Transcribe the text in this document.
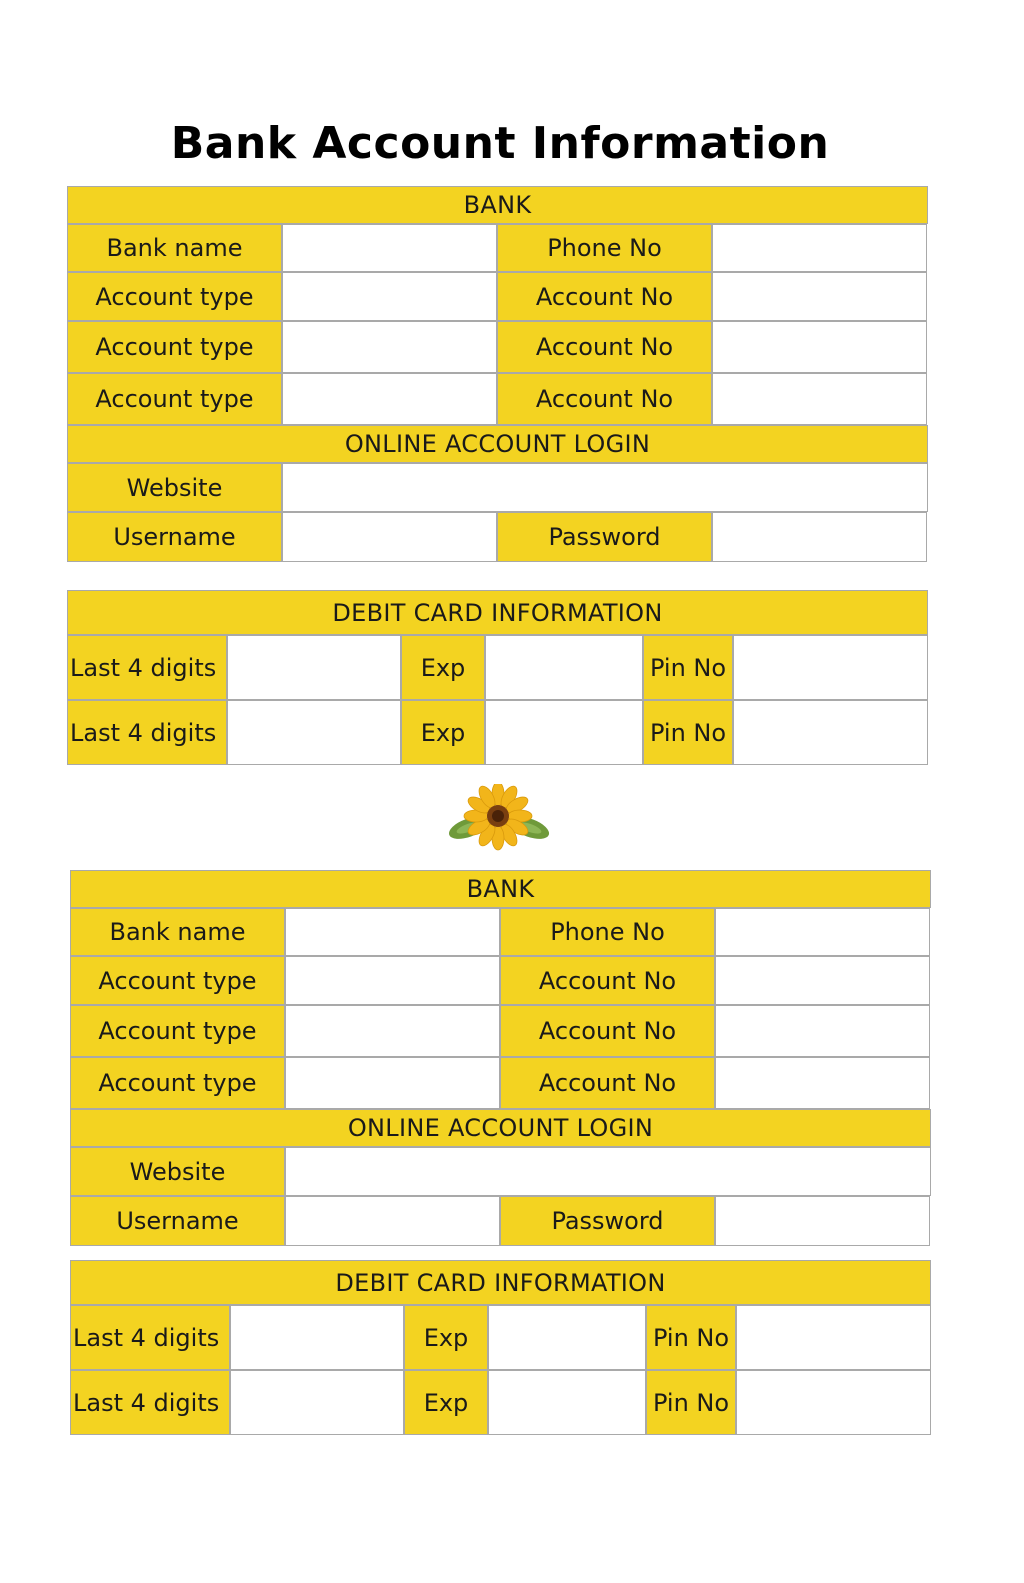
Bank Account Information
BANK
Bank name	Phone No
Account type	Account No
Account type	Account No
Account type	Account No
ONLINE ACCOUNT LOGIN
Website
Username	Password
DEBIT CARD INFORMATION
Last 4 digits	Exp	Pin No
Last 4 digits	Exp	Pin No
BANK
Bank name	Phone No
Account type	Account No
Account type	Account No
Account type	Account No
ONLINE ACCOUNT LOGIN
Website
Username	Password
DEBIT CARD INFORMATION
Last 4 digits	Exp	Pin No
Last 4 digits	Exp	Pin No
